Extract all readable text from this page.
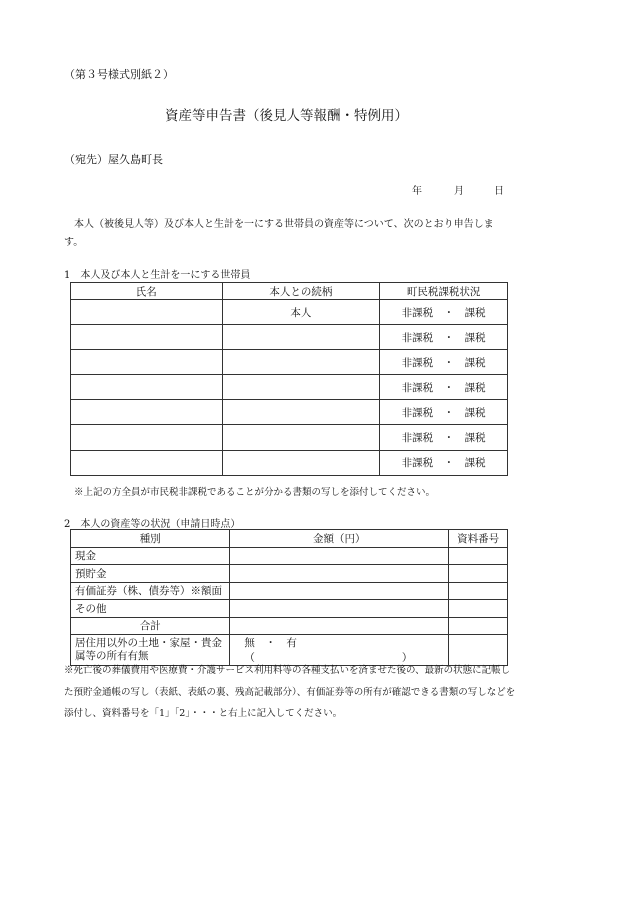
（第３号様式別紙２）
資産等申告書（後見人等報酬・特例用）
（宛先）屋久島町長
年	月	日
本人（被後見人等）及び本人と生計を一にする世帯員の資産等について、次のとおり申告しま
す。
1　本人及び本人と生計を一にする世帯員
氏名	本人との続柄	町民税課税状況
	本人	非課税　・　課税
		非課税　・　課税
		非課税　・　課税
		非課税　・　課税
		非課税　・　課税
		非課税　・　課税
		非課税　・　課税
※上記の方全員が市民税非課税であることが分かる書類の写しを添付してください。
2　本人の資産等の状況（申請日時点）
種別	金額（円）	資料番号
現金		
預貯金		
有価証券（株、債券等）※額面		
その他		
合計		
居住用以外の土地・家屋・貴金属等の所有有無	無　・　有（　　　　　　　　　　　　　　）	
※死亡後の葬儀費用や医療費・介護サービス利用料等の各種支払いを済ませた後の、最新の状態に記帳し
た預貯金通帳の写し（表紙、表紙の裏、残高記載部分）、有価証券等の所有が確認できる書類の写しなどを
添付し、資料番号を「1」「2」・・・と右上に記入してください。
